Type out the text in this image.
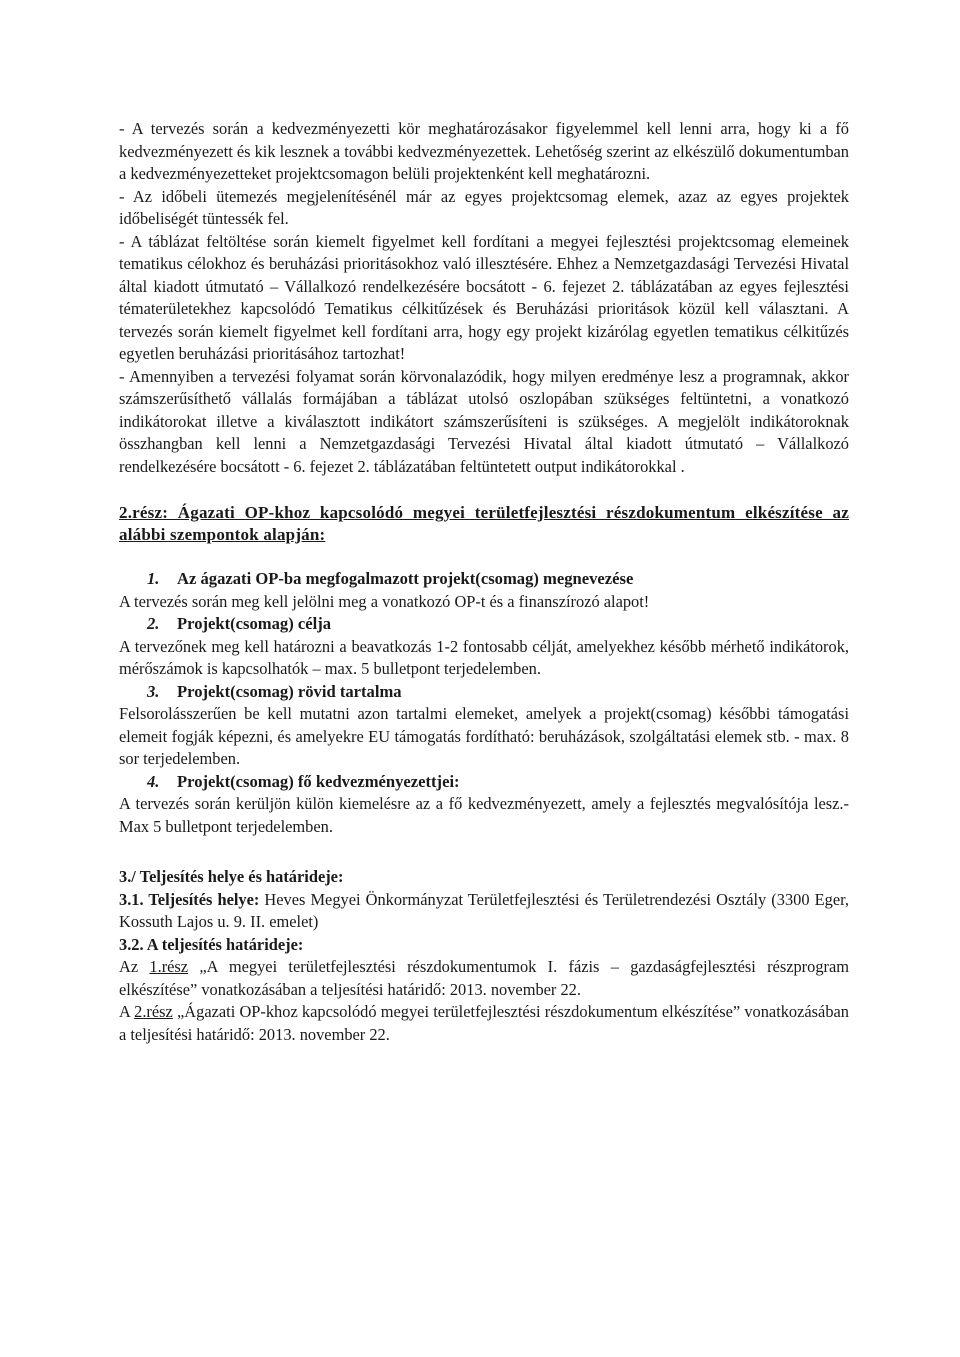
- A tervezés során a kedvezményezetti kör meghatározásakor figyelemmel kell lenni arra, hogy ki a fő kedvezményezett és kik lesznek a további kedvezményezettek. Lehetőség szerint az elkészülő dokumentumban a kedvezményezetteket projektcsomagon belüli projektenként kell meghatározni.

- Az időbeli ütemezés megjelenítésénél már az egyes projektcsomag elemek, azaz az egyes projektek időbeliségét tüntessék fel.

- A táblázat feltöltése során kiemelt figyelmet kell fordítani a megyei fejlesztési projektcsomag elemeinek tematikus célokhoz és beruházási prioritásokhoz való illesztésére. Ehhez a Nemzetgazdasági Tervezési Hivatal által kiadott útmutató – Vállalkozó rendelkezésére bocsátott - 6. fejezet 2. táblázatában az egyes fejlesztési tématerületekhez kapcsolódó Tematikus célkitűzések és Beruházási prioritások közül kell választani. A tervezés során kiemelt figyelmet kell fordítani arra, hogy egy projekt kizárólag egyetlen tematikus célkitűzés egyetlen beruházási prioritásához tartozhat!

- Amennyiben a tervezési folyamat során körvonalazódik, hogy milyen eredménye lesz a programnak, akkor számszerűsíthető vállalás formájában a táblázat utolsó oszlopában szükséges feltüntetni, a vonatkozó indikátorokat illetve a kiválasztott indikátort számszerűsíteni is szükséges. A megjelölt indikátoroknak összhangban kell lenni a Nemzetgazdasági Tervezési Hivatal által kiadott útmutató – Vállalkozó rendelkezésére bocsátott - 6. fejezet 2. táblázatában feltüntetett output indikátorokkal .

2.rész: Ágazati OP-khoz kapcsolódó megyei területfejlesztési részdokumentum elkészítése az alábbi szempontok alapján:

1. Az ágazati OP-ba megfogalmazott projekt(csomag) megnevezése

A tervezés során meg kell jelölni meg a vonatkozó OP-t és a finanszírozó alapot!

2. Projekt(csomag) célja

A tervezőnek meg kell határozni a beavatkozás 1-2 fontosabb célját, amelyekhez később mérhető indikátorok, mérőszámok is kapcsolhatók – max. 5 bulletpont terjedelemben.

3. Projekt(csomag) rövid tartalma

Felsorolásszerűen be kell mutatni azon tartalmi elemeket, amelyek a projekt(csomag) későbbi támogatási elemeit fogják képezni, és amelyekre EU támogatás fordítható: beruházások, szolgáltatási elemek stb. - max. 8 sor terjedelemben.

4. Projekt(csomag) fő kedvezményezettjei:

A tervezés során kerüljön külön kiemelésre az a fő kedvezményezett, amely a fejlesztés megvalósítója lesz.- Max 5 bulletpont terjedelemben.

3./ Teljesítés helye és határideje:

3.1. Teljesítés helye: Heves Megyei Önkormányzat Területfejlesztési és Területrendezési Osztály (3300 Eger, Kossuth Lajos u. 9. II. emelet)

3.2. A teljesítés határideje:

Az 1.rész „A megyei területfejlesztési részdokumentumok I. fázis – gazdaságfejlesztési részprogram elkészítése” vonatkozásában a teljesítési határidő: 2013. november 22.

A 2.rész „Ágazati OP-khoz kapcsolódó megyei területfejlesztési részdokumentum elkészítése” vonatkozásában a teljesítési határidő: 2013. november 22.
